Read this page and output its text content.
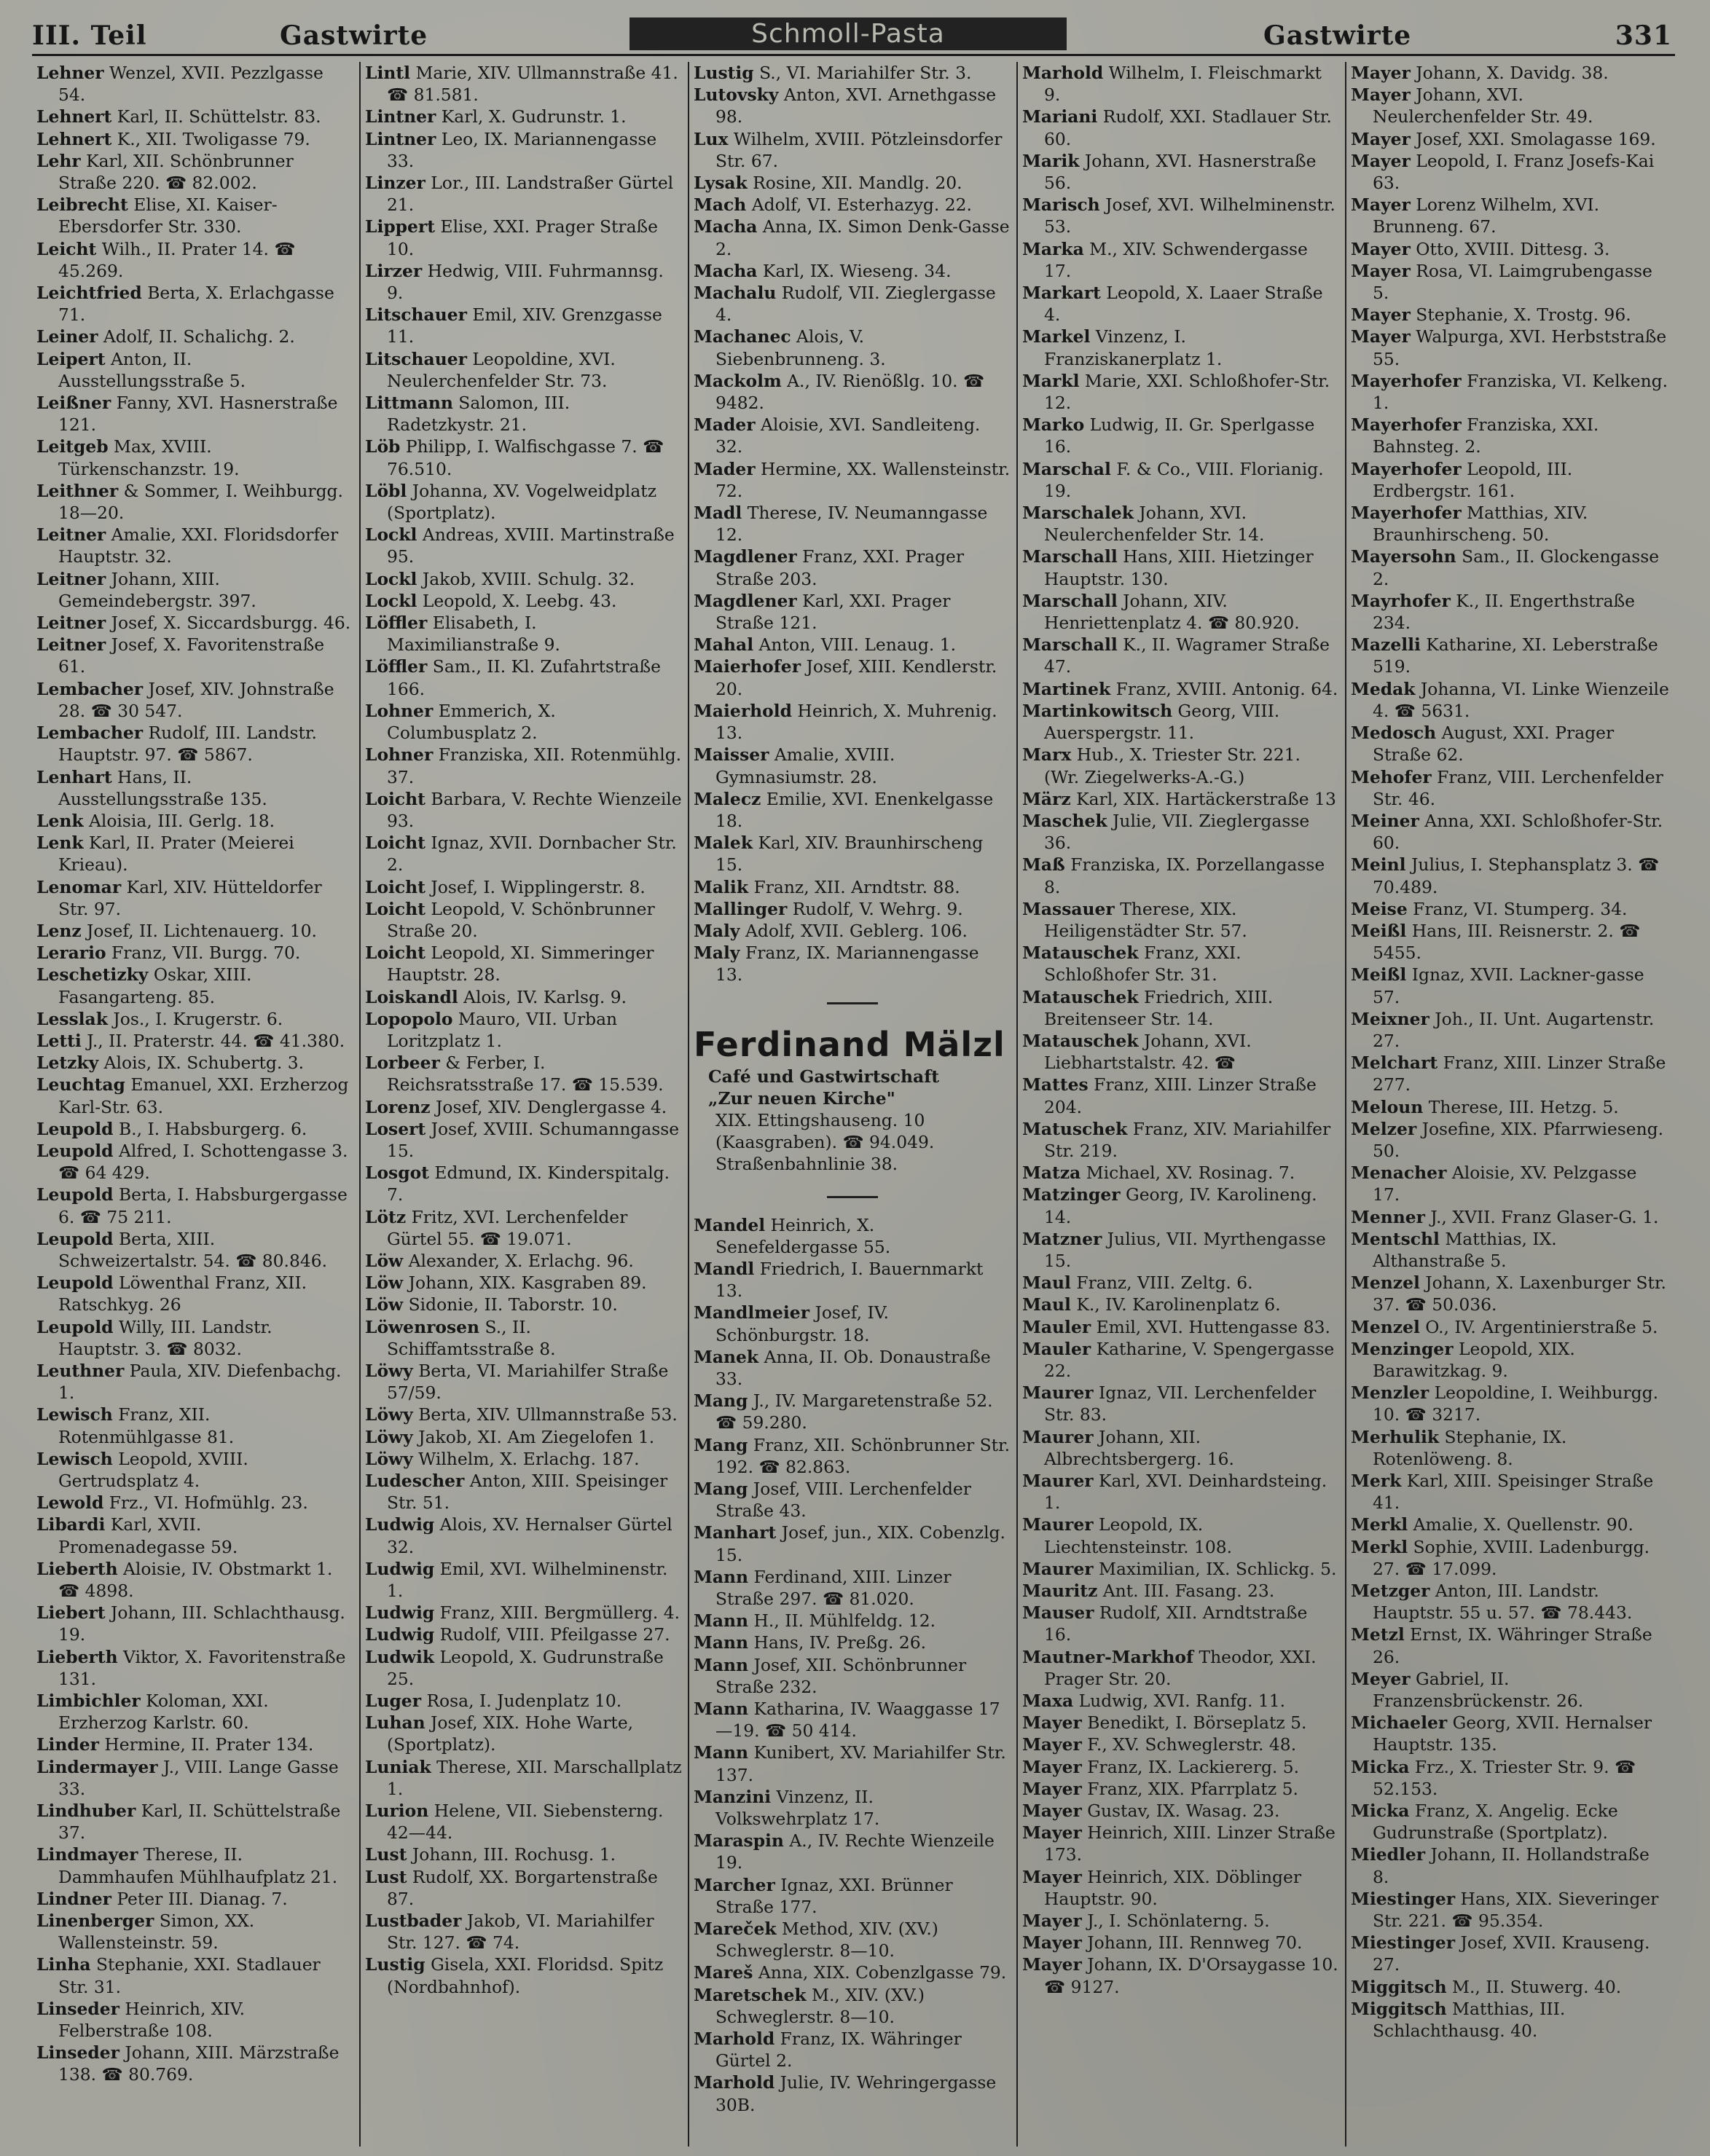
III. Teil	Gastwirte	Schmoll-Pasta	Gastwirte	331
Lehner Wenzel, XVII. Pezzlgasse 54.
Lehnert Karl, II. Schüttelstr. 83.
Lehnert K., XII. Twoligasse 79.
Lehr Karl, XII. Schönbrunner Straße 220. ☎ 82.002.
Leibrecht Elise, XI. Kaiser-Ebersdorfer Str. 330.
Leicht Wilh., II. Prater 14. ☎ 45.269.
Leichtfried Berta, X. Erlachgasse 71.
Leiner Adolf, II. Schalichg. 2.
Leipert Anton, II. Ausstellungsstraße 5.
Leißner Fanny, XVI. Hasnerstraße 121.
Leitgeb Max, XVIII. Türkenschanzstr. 19.
Leithner & Sommer, I. Weihburgg. 18—20.
Leitner Amalie, XXI. Floridsdorfer Hauptstr. 32.
Leitner Johann, XIII. Gemeindebergstr. 397.
Leitner Josef, X. Siccardsburgg. 46.
Leitner Josef, X. Favoritenstraße 61.
Lembacher Josef, XIV. Johnstraße 28. ☎ 30 547.
Lembacher Rudolf, III. Landstr. Hauptstr. 97. ☎ 5867.
Lenhart Hans, II. Ausstellungsstraße 135.
Lenk Aloisia, III. Gerlg. 18.
Lenk Karl, II. Prater (Meierei Krieau).
Lenomar Karl, XIV. Hütteldorfer Str. 97.
Lenz Josef, II. Lichtenauerg. 10.
Lerario Franz, VII. Burgg. 70.
Leschetizky Oskar, XIII. Fasangarteng. 85.
Lesslak Jos., I. Krugerstr. 6.
Letti J., II. Praterstr. 44. ☎ 41.380.
Letzky Alois, IX. Schubertg. 3.
Leuchtag Emanuel, XXI. Erzherzog Karl-Str. 63.
Leupold B., I. Habsburgerg. 6.
Leupold Alfred, I. Schottengasse 3. ☎ 64 429.
Leupold Berta, I. Habsburgergasse 6. ☎ 75 211.
Leupold Berta, XIII. Schweizertalstr. 54. ☎ 80.846.
Leupold Löwenthal Franz, XII. Ratschkyg. 26
Leupold Willy, III. Landstr. Hauptstr. 3. ☎ 8032.
Leuthner Paula, XIV. Diefenbachg. 1.
Lewisch Franz, XII. Rotenmühlgasse 81.
Lewisch Leopold, XVIII. Gertrudsplatz 4.
Lewold Frz., VI. Hofmühlg. 23.
Libardi Karl, XVII. Promenadegasse 59.
Lieberth Aloisie, IV. Obstmarkt 1. ☎ 4898.
Liebert Johann, III. Schlachthausg. 19.
Lieberth Viktor, X. Favoritenstraße 131.
Limbichler Koloman, XXI. Erzherzog Karlstr. 60.
Linder Hermine, II. Prater 134.
Lindermayer J., VIII. Lange Gasse 33.
Lindhuber Karl, II. Schüttelstraße 37.
Lindmayer Therese, II. Dammhaufen Mühlhaufplatz 21.
Lindner Peter III. Dianag. 7.
Linenberger Simon, XX. Wallensteinstr. 59.
Linha Stephanie, XXI. Stadlauer Str. 31.
Linseder Heinrich, XIV. Felberstraße 108.
Linseder Johann, XIII. Märzstraße 138. ☎ 80.769.
Lintl Marie, XIV. Ullmannstraße 41. ☎ 81.581.
Lintner Karl, X. Gudrunstr. 1.
Lintner Leo, IX. Mariannengasse 33.
Linzer Lor., III. Landstraßer Gürtel 21.
Lippert Elise, XXI. Prager Straße 10.
Lirzer Hedwig, VIII. Fuhrmannsg. 9.
Litschauer Emil, XIV. Grenzgasse 11.
Litschauer Leopoldine, XVI. Neulerchenfelder Str. 73.
Littmann Salomon, III. Radetzkystr. 21.
Löb Philipp, I. Walfischgasse 7. ☎ 76.510.
Löbl Johanna, XV. Vogelweidplatz (Sportplatz).
Lockl Andreas, XVIII. Martinstraße 95.
Lockl Jakob, XVIII. Schulg. 32.
Lockl Leopold, X. Leebg. 43.
Löffler Elisabeth, I. Maximilianstraße 9.
Löffler Sam., II. Kl. Zufahrtstraße 166.
Lohner Emmerich, X. Columbusplatz 2.
Lohner Franziska, XII. Rotenmühlg. 37.
Loicht Barbara, V. Rechte Wienzeile 93.
Loicht Ignaz, XVII. Dornbacher Str. 2.
Loicht Josef, I. Wipplingerstr. 8.
Loicht Leopold, V. Schönbrunner Straße 20.
Loicht Leopold, XI. Simmeringer Hauptstr. 28.
Loiskandl Alois, IV. Karlsg. 9.
Lopopolo Mauro, VII. Urban Loritzplatz 1.
Lorbeer & Ferber, I. Reichsratsstraße 17. ☎ 15.539.
Lorenz Josef, XIV. Denglergasse 4.
Losert Josef, XVIII. Schumanngasse 15.
Losgot Edmund, IX. Kinderspitalg. 7.
Lötz Fritz, XVI. Lerchenfelder Gürtel 55. ☎ 19.071.
Löw Alexander, X. Erlachg. 96.
Löw Johann, XIX. Kasgraben 89.
Löw Sidonie, II. Taborstr. 10.
Löwenrosen S., II. Schiffamtsstraße 8.
Löwy Berta, VI. Mariahilfer Straße 57/59.
Löwy Berta, XIV. Ullmannstraße 53.
Löwy Jakob, XI. Am Ziegelofen 1.
Löwy Wilhelm, X. Erlachg. 187.
Ludescher Anton, XIII. Speisinger Str. 51.
Ludwig Alois, XV. Hernalser Gürtel 32.
Ludwig Emil, XVI. Wilhelminenstr. 1.
Ludwig Franz, XIII. Bergmüllerg. 4.
Ludwig Rudolf, VIII. Pfeilgasse 27.
Ludwik Leopold, X. Gudrunstraße 25.
Luger Rosa, I. Judenplatz 10.
Luhan Josef, XIX. Hohe Warte, (Sportplatz).
Luniak Therese, XII. Marschallplatz 1.
Lurion Helene, VII. Siebensterng. 42—44.
Lust Johann, III. Rochusg. 1.
Lust Rudolf, XX. Borgartenstraße 87.
Lustbader Jakob, VI. Mariahilfer Str. 127. ☎ 74.
Lustig Gisela, XXI. Floridsd. Spitz (Nordbahnhof).
Lustig S., VI. Mariahilfer Str. 3.
Lutovsky Anton, XVI. Arnethgasse 98.
Lux Wilhelm, XVIII. Pötzleinsdorfer Str. 67.
Lysak Rosine, XII. Mandlg. 20.
Mach Adolf, VI. Esterhazyg. 22.
Macha Anna, IX. Simon Denk-Gasse 2.
Macha Karl, IX. Wieseng. 34.
Machalu Rudolf, VII. Zieglergasse 4.
Machanec Alois, V. Siebenbrunneng. 3.
Mackolm A., IV. Rienößlg. 10. ☎ 9482.
Mader Aloisie, XVI. Sandleiteng. 32.
Mader Hermine, XX. Wallensteinstr. 72.
Madl Therese, IV. Neumanngasse 12.
Magdlener Franz, XXI. Prager Straße 203.
Magdlener Karl, XXI. Prager Straße 121.
Mahal Anton, VIII. Lenaug. 1.
Maierhofer Josef, XIII. Kendlerstr. 20.
Maierhold Heinrich, X. Muhrenig. 13.
Maisser Amalie, XVIII. Gymnasiumstr. 28.
Malecz Emilie, XVI. Enenkelgasse 18.
Malek Karl, XIV. Braunhirscheng 15.
Malik Franz, XII. Arndtstr. 88.
Mallinger Rudolf, V. Wehrg. 9.
Maly Adolf, XVII. Geblerg. 106.
Maly Franz, IX. Mariannengasse 13.
Ferdinand Mälzl
Café und Gastwirtschaft
„Zur neuen Kirche"
XIX. Ettingshauseng. 10 (Kaasgraben). ☎ 94.049. Straßenbahnlinie 38.
Mandel Heinrich, X. Senefeldergasse 55.
Mandl Friedrich, I. Bauernmarkt 13.
Mandlmeier Josef, IV. Schönburgstr. 18.
Manek Anna, II. Ob. Donaustraße 33.
Mang J., IV. Margaretenstraße 52. ☎ 59.280.
Mang Franz, XII. Schönbrunner Str. 192. ☎ 82.863.
Mang Josef, VIII. Lerchenfelder Straße 43.
Manhart Josef, jun., XIX. Cobenzlg. 15.
Mann Ferdinand, XIII. Linzer Straße 297. ☎ 81.020.
Mann H., II. Mühlfeldg. 12.
Mann Hans, IV. Preßg. 26.
Mann Josef, XII. Schönbrunner Straße 232.
Mann Katharina, IV. Waaggasse 17—19. ☎ 50 414.
Mann Kunibert, XV. Mariahilfer Str. 137.
Manzini Vinzenz, II. Volkswehrplatz 17.
Maraspin A., IV. Rechte Wienzeile 19.
Marcher Ignaz, XXI. Brünner Straße 177.
Mareček Method, XIV. (XV.) Schweglerstr. 8—10.
Mareš Anna, XIX. Cobenzlgasse 79.
Maretschek M., XIV. (XV.) Schweglerstr. 8—10.
Marhold Franz, IX. Währinger Gürtel 2.
Marhold Julie, IV. Wehringergasse 30B.
Marhold Wilhelm, I. Fleischmarkt 9.
Mariani Rudolf, XXI. Stadlauer Str. 60.
Marik Johann, XVI. Hasnerstraße 56.
Marisch Josef, XVI. Wilhelminenstr. 53.
Marka M., XIV. Schwendergasse 17.
Markart Leopold, X. Laaer Straße 4.
Markel Vinzenz, I. Franziskanerplatz 1.
Markl Marie, XXI. Schloßhofer-Str. 12.
Marko Ludwig, II. Gr. Sperlgasse 16.
Marschal F. & Co., VIII. Florianig. 19.
Marschalek Johann, XVI. Neulerchenfelder Str. 14.
Marschall Hans, XIII. Hietzinger Hauptstr. 130.
Marschall Johann, XIV. Henriettenplatz 4. ☎ 80.920.
Marschall K., II. Wagramer Straße 47.
Martinek Franz, XVIII. Antonig. 64.
Martinkowitsch Georg, VIII. Auerspergstr. 11.
Marx Hub., X. Triester Str. 221. (Wr. Ziegelwerks-A.-G.)
März Karl, XIX. Hartäckerstraße 13
Maschek Julie, VII. Zieglergasse 36.
Maß Franziska, IX. Porzellangasse 8.
Massauer Therese, XIX. Heiligenstädter Str. 57.
Matauschek Franz, XXI. Schloßhofer Str. 31.
Matauschek Friedrich, XIII. Breitenseer Str. 14.
Matauschek Johann, XVI. Liebhartstalstr. 42. ☎
Mattes Franz, XIII. Linzer Straße 204.
Matuschek Franz, XIV. Mariahilfer Str. 219.
Matza Michael, XV. Rosinag. 7.
Matzinger Georg, IV. Karolineng. 14.
Matzner Julius, VII. Myrthengasse 15.
Maul Franz, VIII. Zeltg. 6.
Maul K., IV. Karolinenplatz 6.
Mauler Emil, XVI. Huttengasse 83.
Mauler Katharine, V. Spengergasse 22.
Maurer Ignaz, VII. Lerchenfelder Str. 83.
Maurer Johann, XII. Albrechtsbergerg. 16.
Maurer Karl, XVI. Deinhardsteing. 1.
Maurer Leopold, IX. Liechtensteinstr. 108.
Maurer Maximilian, IX. Schlickg. 5.
Mauritz Ant. III. Fasang. 23.
Mauser Rudolf, XII. Arndtstraße 16.
Mautner-Markhof Theodor, XXI. Prager Str. 20.
Maxa Ludwig, XVI. Ranfg. 11.
Mayer Benedikt, I. Börseplatz 5.
Mayer F., XV. Schweglerstr. 48.
Mayer Franz, IX. Lackiererg. 5.
Mayer Franz, XIX. Pfarrplatz 5.
Mayer Gustav, IX. Wasag. 23.
Mayer Heinrich, XIII. Linzer Straße 173.
Mayer Heinrich, XIX. Döblinger Hauptstr. 90.
Mayer J., I. Schönlaterng. 5.
Mayer Johann, III. Rennweg 70.
Mayer Johann, IX. D'Orsaygasse 10. ☎ 9127.
Mayer Johann, X. Davidg. 38.
Mayer Johann, XVI. Neulerchenfelder Str. 49.
Mayer Josef, XXI. Smolagasse 169.
Mayer Leopold, I. Franz Josefs-Kai 63.
Mayer Lorenz Wilhelm, XVI. Brunneng. 67.
Mayer Otto, XVIII. Dittesg. 3.
Mayer Rosa, VI. Laimgrubengasse 5.
Mayer Stephanie, X. Trostg. 96.
Mayer Walpurga, XVI. Herbststraße 55.
Mayerhofer Franziska, VI. Kelkeng. 1.
Mayerhofer Franziska, XXI. Bahnsteg. 2.
Mayerhofer Leopold, III. Erdbergstr. 161.
Mayerhofer Matthias, XIV. Braunhirscheng. 50.
Mayersohn Sam., II. Glockengasse 2.
Mayrhofer K., II. Engerthstraße 234.
Mazelli Katharine, XI. Leberstraße 519.
Medak Johanna, VI. Linke Wienzeile 4. ☎ 5631.
Medosch August, XXI. Prager Straße 62.
Mehofer Franz, VIII. Lerchenfelder Str. 46.
Meiner Anna, XXI. Schloßhofer-Str. 60.
Meinl Julius, I. Stephansplatz 3. ☎ 70.489.
Meise Franz, VI. Stumperg. 34.
Meißl Hans, III. Reisnerstr. 2. ☎ 5455.
Meißl Ignaz, XVII. Lackner-gasse 57.
Meixner Joh., II. Unt. Augartenstr. 27.
Melchart Franz, XIII. Linzer Straße 277.
Meloun Therese, III. Hetzg. 5.
Melzer Josefine, XIX. Pfarrwieseng. 50.
Menacher Aloisie, XV. Pelzgasse 17.
Menner J., XVII. Franz Glaser-G. 1.
Mentschl Matthias, IX. Althanstraße 5.
Menzel Johann, X. Laxenburger Str. 37. ☎ 50.036.
Menzel O., IV. Argentinierstraße 5.
Menzinger Leopold, XIX. Barawitzkag. 9.
Menzler Leopoldine, I. Weihburgg. 10. ☎ 3217.
Merhulik Stephanie, IX. Rotenlöweng. 8.
Merk Karl, XIII. Speisinger Straße 41.
Merkl Amalie, X. Quellenstr. 90.
Merkl Sophie, XVIII. Ladenburgg. 27. ☎ 17.099.
Metzger Anton, III. Landstr. Hauptstr. 55 u. 57. ☎ 78.443.
Metzl Ernst, IX. Währinger Straße 26.
Meyer Gabriel, II. Franzensbrückenstr. 26.
Michaeler Georg, XVII. Hernalser Hauptstr. 135.
Micka Frz., X. Triester Str. 9. ☎ 52.153.
Micka Franz, X. Angelig. Ecke Gudrunstraße (Sportplatz).
Miedler Johann, II. Hollandstraße 8.
Miestinger Hans, XIX. Sieveringer Str. 221. ☎ 95.354.
Miestinger Josef, XVII. Krauseng. 27.
Miggitsch M., II. Stuwerg. 40.
Miggitsch Matthias, III. Schlachthausg. 40.
